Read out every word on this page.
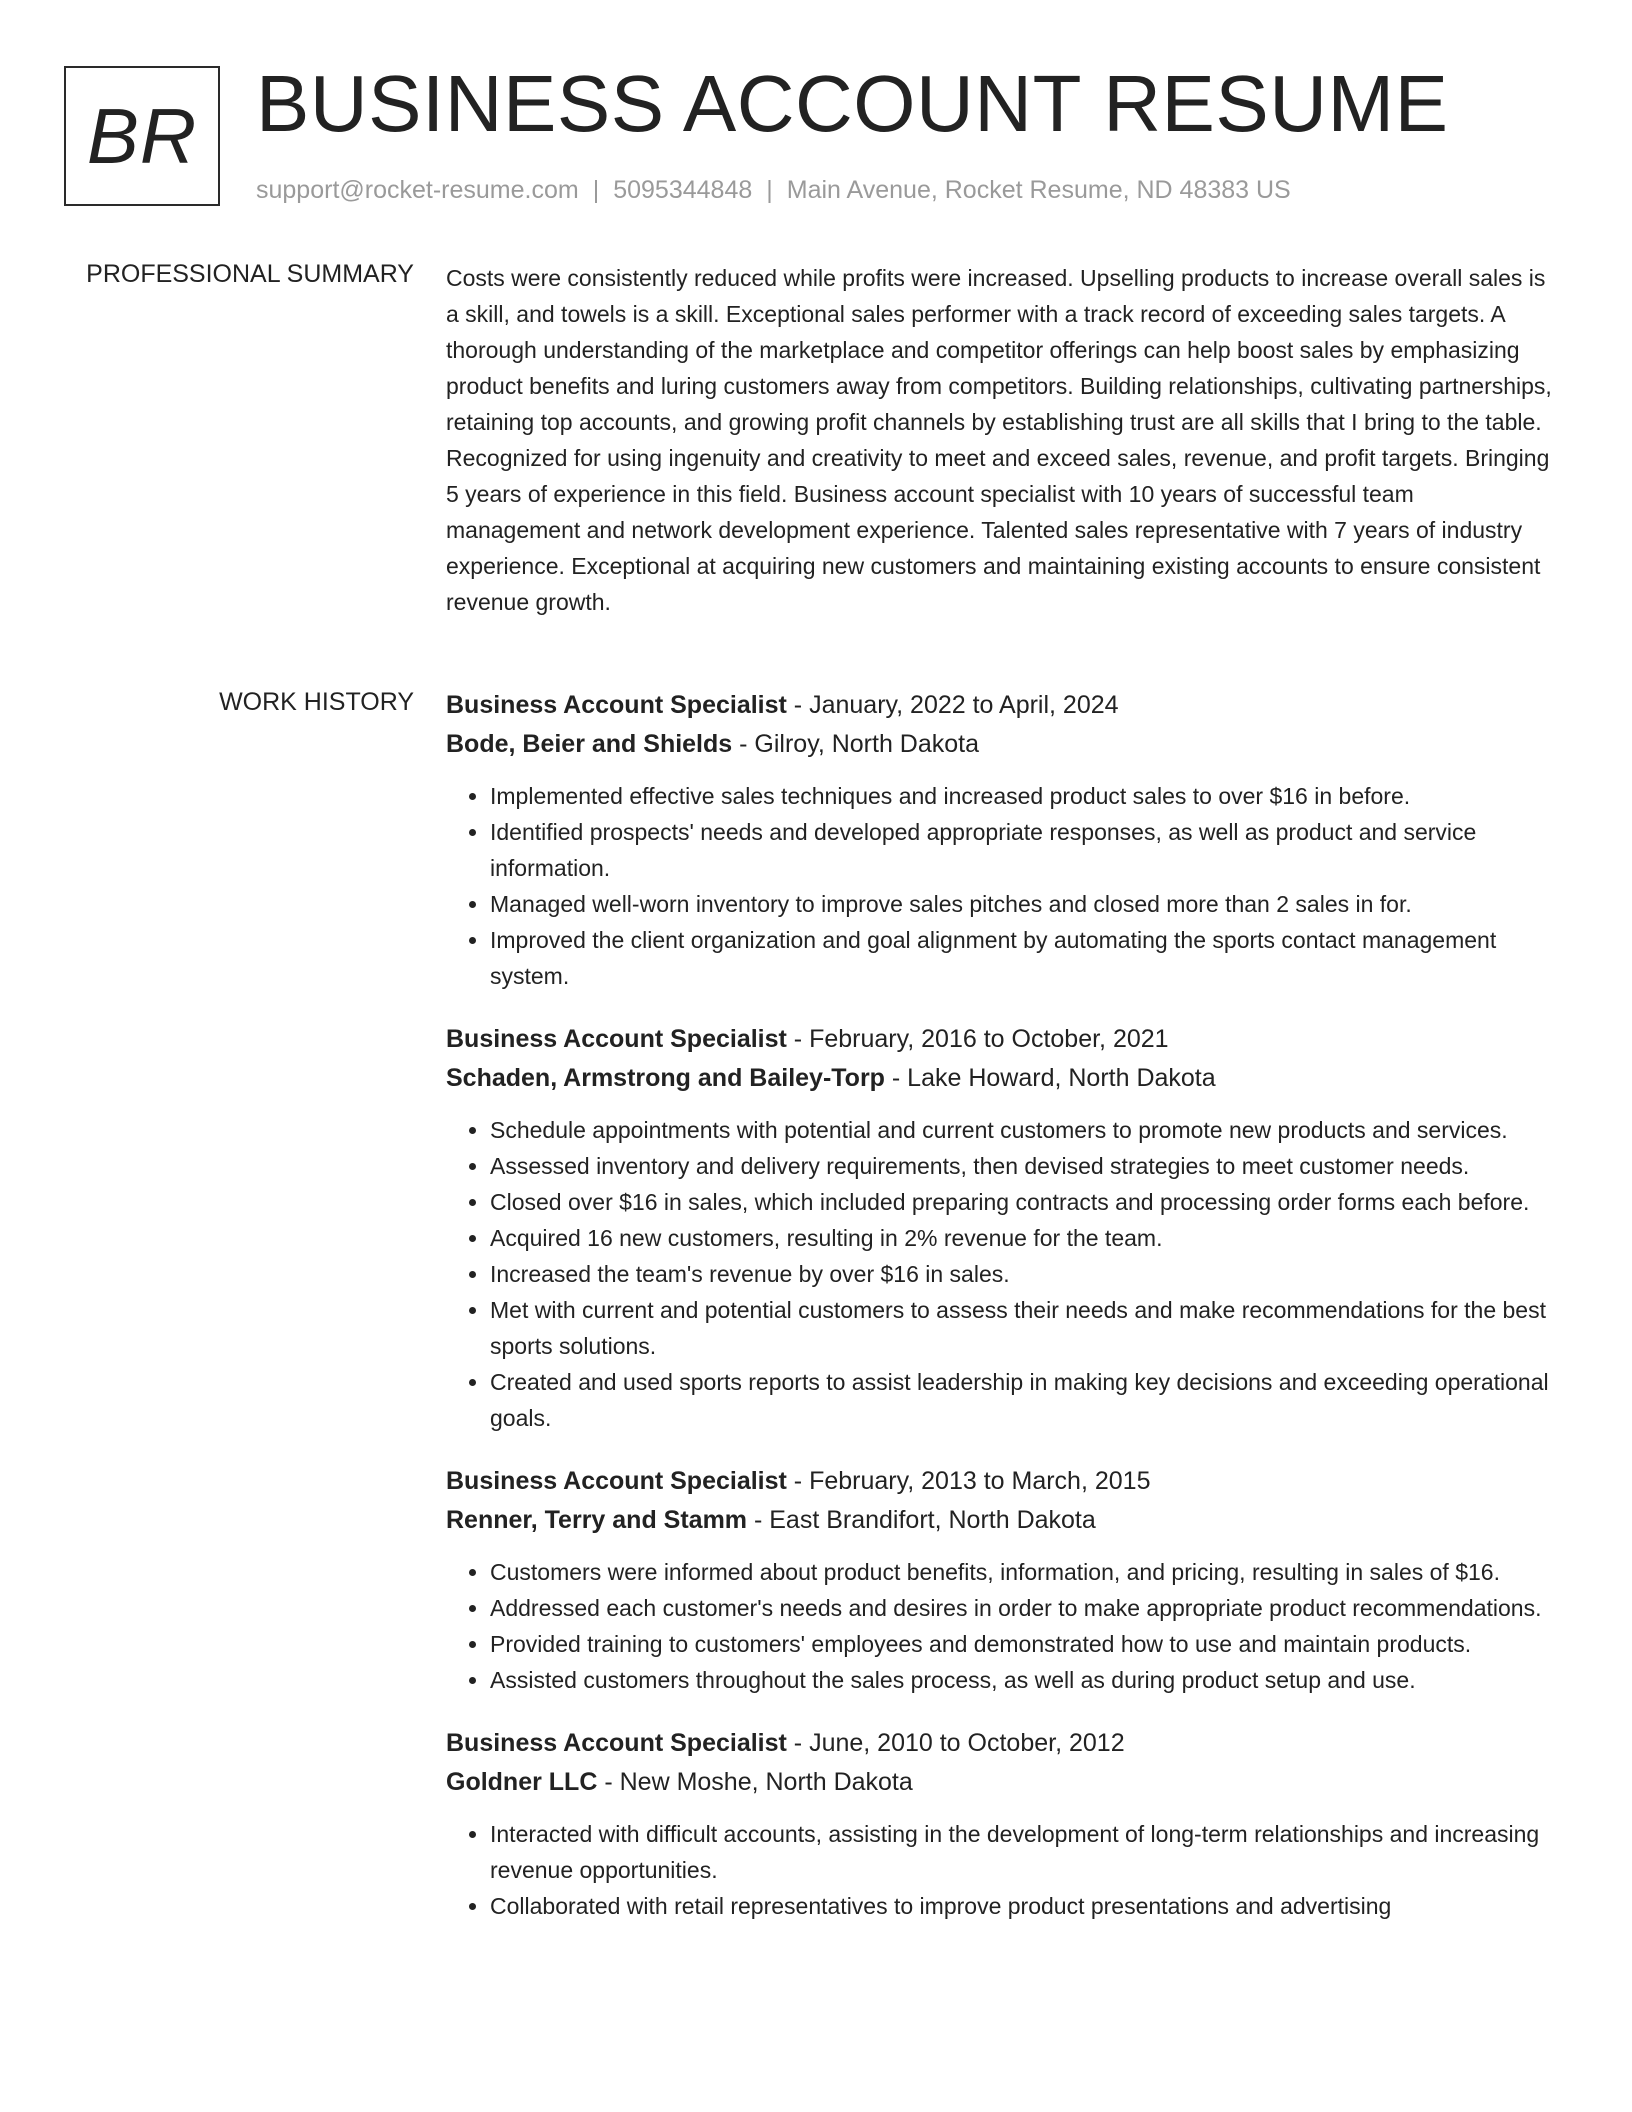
BR BUSINESS ACCOUNT RESUME
support@rocket-resume.com | 5095344848 | Main Avenue, Rocket Resume, ND 48383 US
PROFESSIONAL SUMMARY Costs were consistently reduced while profits were increased. Upselling products to increase overall sales is a skill, and towels is a skill. Exceptional sales performer with a track record of exceeding sales targets. A thorough understanding of the marketplace and competitor offerings can help boost sales by emphasizing product benefits and luring customers away from competitors. Building relationships, cultivating partnerships, retaining top accounts, and growing profit channels by establishing trust are all skills that I bring to the table. Recognized for using ingenuity and creativity to meet and exceed sales, revenue, and profit targets. Bringing 5 years of experience in this field. Business account specialist with 10 years of successful team management and network development experience. Talented sales representative with 7 years of industry experience. Exceptional at acquiring new customers and maintaining existing accounts to ensure consistent revenue growth.

WORK HISTORY Business Account Specialist - January, 2022 to April, 2024
Bode, Beier and Shields - Gilroy, North Dakota
• Implemented effective sales techniques and increased product sales to over $16 in before.
• Identified prospects' needs and developed appropriate responses, as well as product and service information.
• Managed well-worn inventory to improve sales pitches and closed more than 2 sales in for.
• Improved the client organization and goal alignment by automating the sports contact management system.
Business Account Specialist - February, 2016 to October, 2021
Schaden, Armstrong and Bailey-Torp - Lake Howard, North Dakota
• Schedule appointments with potential and current customers to promote new products and services.
• Assessed inventory and delivery requirements, then devised strategies to meet customer needs.
• Closed over $16 in sales, which included preparing contracts and processing order forms each before.
• Acquired 16 new customers, resulting in 2% revenue for the team.
• Increased the team's revenue by over $16 in sales.
• Met with current and potential customers to assess their needs and make recommendations for the best sports solutions.
• Created and used sports reports to assist leadership in making key decisions and exceeding operational goals.
Business Account Specialist - February, 2013 to March, 2015
Renner, Terry and Stamm - East Brandifort, North Dakota
• Customers were informed about product benefits, information, and pricing, resulting in sales of $16.
• Addressed each customer's needs and desires in order to make appropriate product recommendations.
• Provided training to customers' employees and demonstrated how to use and maintain products.
• Assisted customers throughout the sales process, as well as during product setup and use.
Business Account Specialist - June, 2010 to October, 2012
Goldner LLC - New Moshe, North Dakota
• Interacted with difficult accounts, assisting in the development of long-term relationships and increasing revenue opportunities.
• Collaborated with retail representatives to improve product presentations and advertising
